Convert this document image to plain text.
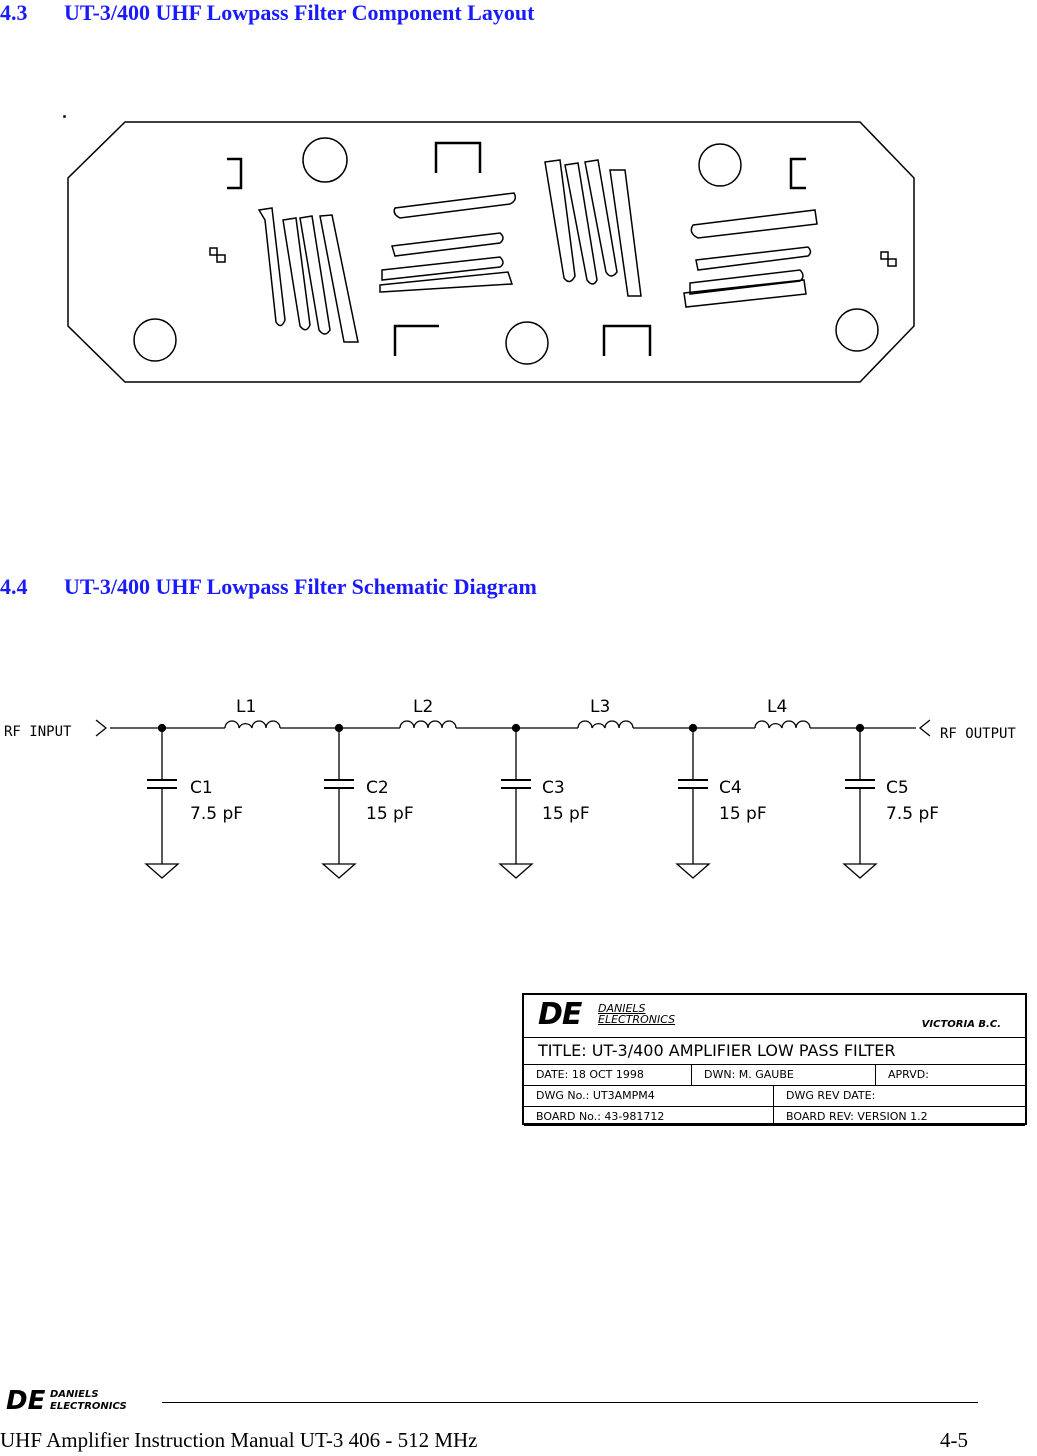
4.3 UT-3/400 UHF Lowpass Filter Component Layout
4.4 UT-3/400 UHF Lowpass Filter Schematic Diagram
RF INPUT	RF OUTPUT
L1	L2	L3	L4
C1
7.5 pF
C2
15 pF
C3
15 pF
C4
15 pF
C5
7.5 pF
DE DANIELS
ELECTRONICS	VICTORIA B.C.
TITLE: UT-3/400 AMPLIFIER LOW PASS FILTER
DATE: 18 OCT 1998	DWN: M. GAUBE	APRVD:
DWG No.: UT3AMPM4	DWG REV DATE:
BOARD No.: 43-981712	BOARD REV: VERSION 1.2
DE DANIELS
ELECTRONICS
UHF Amplifier Instruction Manual UT-3 406 - 512 MHz	4-5
